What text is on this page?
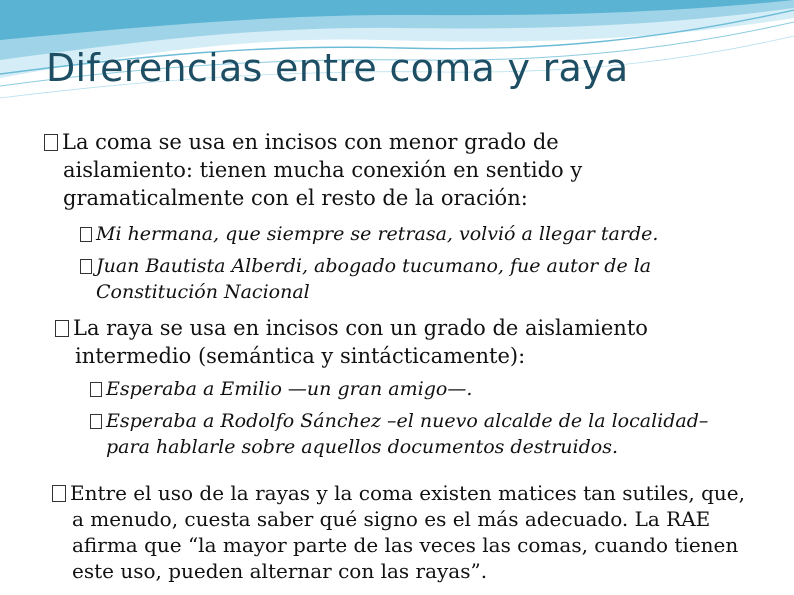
Diferencias entre coma y raya
La coma se usa en incisos con menor grado de
aislamiento: tienen mucha conexión en sentido y
gramaticalmente con el resto de la oración:
Mi hermana, que siempre se retrasa, volvió a llegar tarde.
Juan Bautista Alberdi, abogado tucumano, fue autor de la
Constitución Nacional
La raya se usa en incisos con un grado de aislamiento
intermedio (semántica y sintácticamente):
Esperaba a Emilio —un gran amigo—.
Esperaba a Rodolfo Sánchez –el nuevo alcalde de la localidad–
para hablarle sobre aquellos documentos destruidos.
Entre el uso de la rayas y la coma existen matices tan sutiles, que,
a menudo, cuesta saber qué signo es el más adecuado. La RAE
afirma que “la mayor parte de las veces las comas, cuando tienen
este uso, pueden alternar con las rayas”.
